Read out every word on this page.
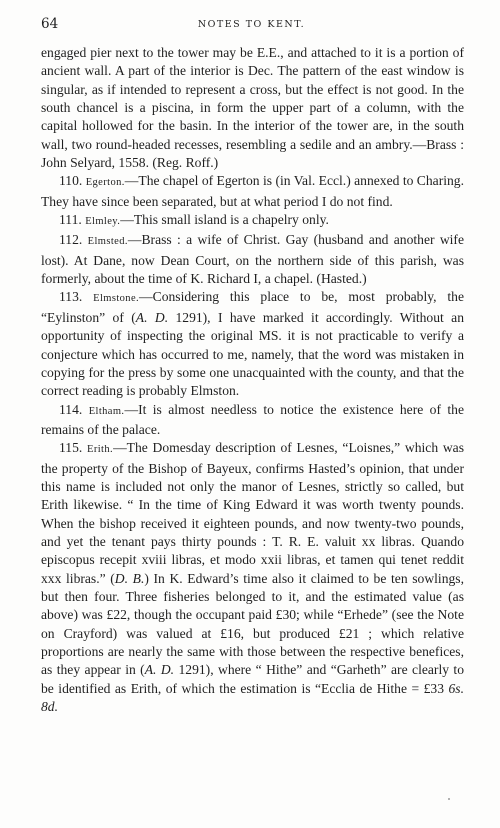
64	NOTES TO KENT.

engaged pier next to the tower may be E.E., and attached to it is a portion of ancient wall. A part of the interior is Dec. The pattern of the east window is singular, as if intended to represent a cross, but the effect is not good. In the south chancel is a piscina, in form the upper part of a column, with the capital hollowed for the basin. In the interior of the tower are, in the south wall, two round-headed recesses, resembling a sedile and an ambry.—Brass : John Selyard, 1558. (Reg. Roff.)

110. Egerton.—The chapel of Egerton is (in Val. Eccl.) annexed to Charing. They have since been separated, but at what period I do not find.

111. Elmley.—This small island is a chapelry only.

112. Elmsted.—Brass : a wife of Christ. Gay (husband and another wife lost). At Dane, now Dean Court, on the northern side of this parish, was formerly, about the time of K. Richard I, a chapel. (Hasted.)

113. Elmstone.—Considering this place to be, most probably, the “Eylinston” of (A. D. 1291), I have marked it accordingly. Without an opportunity of inspecting the original MS. it is not practicable to verify a conjecture which has occurred to me, namely, that the word was mistaken in copying for the press by some one unacquainted with the county, and that the correct reading is probably Elmston.

114. Eltham.—It is almost needless to notice the existence here of the remains of the palace.

115. Erith.—The Domesday description of Lesnes, “Loisnes,” which was the property of the Bishop of Bayeux, confirms Hasted’s opinion, that under this name is included not only the manor of Lesnes, strictly so called, but Erith likewise. “ In the time of King Edward it was worth twenty pounds. When the bishop received it eighteen pounds, and now twenty-two pounds, and yet the tenant pays thirty pounds : T. R. E. valuit xx libras. Quando episcopus recepit xviii libras, et modo xxii libras, et tamen qui tenet reddit xxx libras.” (D. B.) In K. Edward’s time also it claimed to be ten sowlings, but then four. Three fisheries belonged to it, and the estimated value (as above) was £22, though the occupant paid £30; while “Erhede” (see the Note on Crayford) was valued at £16, but produced £21 ; which relative proportions are nearly the same with those between the respective benefices, as they appear in (A. D. 1291), where “ Hithe” and “Garheth” are clearly to be identified as Erith, of which the estimation is “Ecclia de Hithe = £33 6s. 8d.
